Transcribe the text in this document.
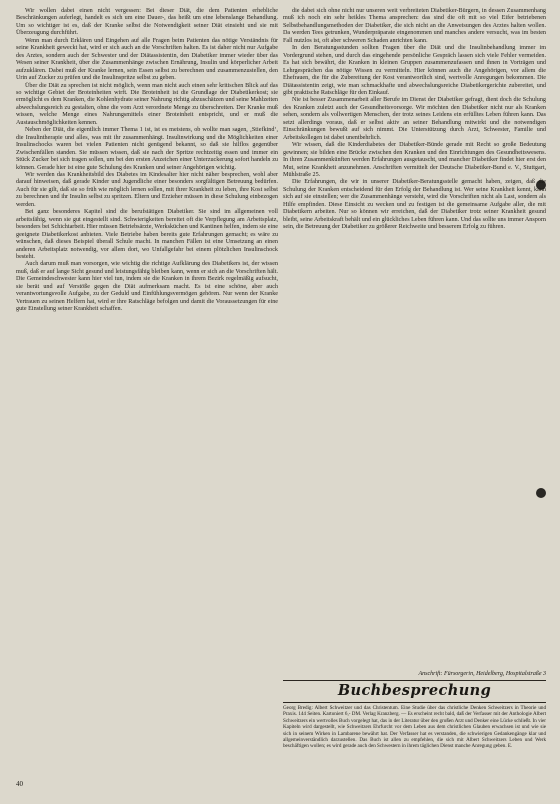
Wir wollen dabei einen nicht vergessen: Bei dieser Diät, die dem Patienten erhebliche Beschränkungen auferlegt, handelt es sich um eine Dauer-, das heißt um eine lebenslange Behandlung. Um so wichtiger ist es, daß der Kranke selbst die Notwendigkeit seiner Diät einsieht und sie mit Überzeugung durchführt.

Wenn man durch Erklären und Eingehen auf alle Fragen beim Patienten das nötige Verständnis für seine Krankheit geweckt hat, wird er sich auch an die Vorschriften halten. Es ist daher nicht nur Aufgabe des Arztes, sondern auch der Schwester und der Diätassistentin, den Diabetiker immer wieder über das Wesen seiner Krankheit, über die Zusammenhänge zwischen Ernährung, Insulin und körperlicher Arbeit aufzuklären. Dabei muß der Kranke lernen, sein Essen selbst zu berechnen und zusammenzustellen, den Urin auf Zucker zu prüfen und die Insulinspritze selbst zu geben.

Über die Diät zu sprechen ist nicht möglich, wenn man nicht auch einen sehr kritischen Blick auf das so wichtige Gebiet der Broteinheiten wirft. Die Broteinheit ist die Grundlage der Diabetikerkost; sie ermöglicht es dem Kranken, die Kohlenhydrate seiner Nahrung richtig abzuschätzen und seine Mahlzeiten abwechslungsreich zu gestalten, ohne die vom Arzt verordnete Menge zu überschreiten. Der Kranke muß wissen, welche Menge eines Nahrungsmittels einer Broteinheit entspricht, und er muß die Austauschmöglichkeiten kennen.

Neben der Diät, die eigentlich immer Thema 1 ist, ist es meistens, ob wollte man sagen, ‚Stiefkind‘, die Insulintherapie und alles, was mit ihr zusammenhängt. Insulinwirkung und die Möglichkeiten einer Insulinschocks waren bei vielen Patienten nicht genügend bekannt, so daß sie hilflos gegenüber Zwischenfällen standen. Sie müssen wissen, daß sie nach der Spritze rechtzeitig essen und immer ein Stück Zucker bei sich tragen sollen, um bei den ersten Anzeichen einer Unterzuckerung sofort handeln zu können. Gerade hier ist eine gute Schulung des Kranken und seiner Angehörigen wichtig.

Wir werden das Krankheitsbild des Diabetes im Kindesalter hier nicht näher besprechen, wohl aber darauf hinweisen, daß gerade Kinder und Jugendliche einer besonders sorgfältigen Betreuung bedürfen. Auch für sie gilt, daß sie so früh wie möglich lernen sollen, mit ihrer Krankheit zu leben, ihre Kost selbst zu berechnen und ihr Insulin selbst zu spritzen. Eltern und Erzieher müssen in diese Schulung einbezogen werden.

Bei ganz besonderes Kapitel sind die berufstätigen Diabetiker. Sie sind im allgemeinen voll arbeitsfähig, wenn sie gut eingestellt sind. Schwierigkeiten bereitet oft die Verpflegung am Arbeitsplatz, besonders bei Schichtarbeit. Hier müssen Betriebsärzte, Werksküchen und Kantinen helfen, indem sie eine geeignete Diabetikerkost anbieten. Viele Betriebe haben bereits gute Erfahrungen gemacht; es wäre zu wünschen, daß dieses Beispiel überall Schule macht. In manchen Fällen ist eine Umsetzung an einen anderen Arbeitsplatz notwendig, vor allem dort, wo Unfallgefahr bei einem plötzlichen Insulinschock besteht.

Auch darum muß man vorsorgen, wie wichtig die richtige Aufklärung des Diabetikers ist, der wissen muß, daß er auf lange Sicht gesund und leistungsfähig bleiben kann, wenn er sich an die Vorschriften hält. Die Gemeindeschwester kann hier viel tun, indem sie die Kranken in ihrem Bezirk regelmäßig aufsucht, sie berät und auf Verstöße gegen die Diät aufmerksam macht. Es ist eine schöne, aber auch verantwortungsvolle Aufgabe, zu der Geduld und Einfühlungsvermögen gehören. Nur wenn der Kranke Vertrauen zu seinen Helfern hat, wird er ihre Ratschläge befolgen und damit die Voraussetzungen für eine gute Einstellung seiner Krankheit schaffen.

die dabei sich ohne nicht nur unseren weit verbreiteten Diabetiker-Bürgern, in dessen Zusammenhang muß ich noch ein sehr heikles Thema ansprechen: das sind die oft mit so viel Eifer betriebenen Selbstbehandlungsmethoden der Diabetiker, die sich nicht an die Anweisungen des Arztes halten wollen. Da werden Tees getrunken, Wunderpräparate eingenommen und manches andere versucht, was im besten Fall nutzlos ist, oft aber schweren Schaden anrichten kann.

In den Beratungsstunden sollten Fragen über die Diät und die Insulinbehandlung immer im Vordergrund stehen, und durch das eingehende persönliche Gespräch lassen sich viele Fehler vermeiden. Es hat sich bewährt, die Kranken in kleinen Gruppen zusammenzufassen und ihnen in Vorträgen und Lehrgesprächen das nötige Wissen zu vermitteln. Hier können auch die Angehörigen, vor allem die Ehefrauen, die für die Zubereitung der Kost verantwortlich sind, wertvolle Anregungen bekommen. Die Diätassistentin zeigt, wie man schmackhafte und abwechslungsreiche Diabetikergerichte zubereitet, und gibt praktische Ratschläge für den Einkauf.

Nie ist besser Zusammenarbeit aller Berufe im Dienst der Diabetiker gefragt, dient doch die Schulung des Kranken zuletzt auch der Gesundheitsvorsorge. Wir möchten den Diabetiker nicht nur als Kranken sehen, sondern als vollwertigen Menschen, der trotz seines Leidens ein erfülltes Leben führen kann. Das setzt allerdings voraus, daß er selbst aktiv an seiner Behandlung mitwirkt und die notwendigen Einschränkungen bewußt auf sich nimmt. Die Unterstützung durch Arzt, Schwester, Familie und Arbeitskollegen ist dabei unentbehrlich.

Wir wissen, daß die Kinderdiabetes der Diabetiker-Bünde gerade mit Recht so große Bedeutung gewinnen; sie bilden eine Brücke zwischen den Kranken und den Einrichtungen des Gesundheitswesens. In ihren Zusammenkünften werden Erfahrungen ausgetauscht, und mancher Diabetiker findet hier erst den Mut, seine Krankheit anzunehmen. Anschriften vermittelt der Deutsche Diabetiker-Bund e. V., Stuttgart, Mühlstraße 25.

Die Erfahrungen, die wir in unserer Diabetiker-Beratungsstelle gemacht haben, zeigen, daß die Schulung der Kranken entscheidend für den Erfolg der Behandlung ist. Wer seine Krankheit kennt, kann sich auf sie einstellen; wer die Zusammenhänge versteht, wird die Vorschriften nicht als Last, sondern als Hilfe empfinden. Diese Einsicht zu wecken und zu festigen ist die gemeinsame Aufgabe aller, die mit Diabetikern arbeiten. Nur so können wir erreichen, daß der Diabetiker trotz seiner Krankheit gesund bleibt, seine Arbeitskraft behält und ein glückliches Leben führen kann. Und das sollte uns immer Ansporn sein, die Betreuung der Diabetiker zu größerer Reichweite und besserem Erfolg zu führen.

Anschrift: Fürsorgerin, Heidelberg, Hospitalstraße 3
Buchbesprechung

Georg Bredig: Albert Schweitzer und das Christentum. Eine Studie über das christliche Denken Schweitzers in Theorie und Praxis. 144 Seiten. Kartoniert 6,- DM. Verlag Kranzberg. — Es erscheint recht bald, daß der Verfasser mit der Anthologie Albert Schweitzers ein wertvolles Buch vorgelegt hat, das in der Literatur über den großen Arzt und Denker eine Lücke schließt. In vier Kapiteln wird dargestellt, wie Schweitzers Ehrfurcht vor dem Leben aus dem christlichen Glauben erwachsen ist und wie sie sich in seinem Wirken in Lambarene bewährt hat. Der Verfasser hat es verstanden, die schwierigen Gedankengänge klar und allgemeinverständlich darzustellen. Das Buch ist allen zu empfehlen, die sich mit Albert Schweitzers Leben und Werk beschäftigen wollen; es wird gerade auch den Schwestern in ihrem täglichen Dienst manche Anregung geben. E.

40
